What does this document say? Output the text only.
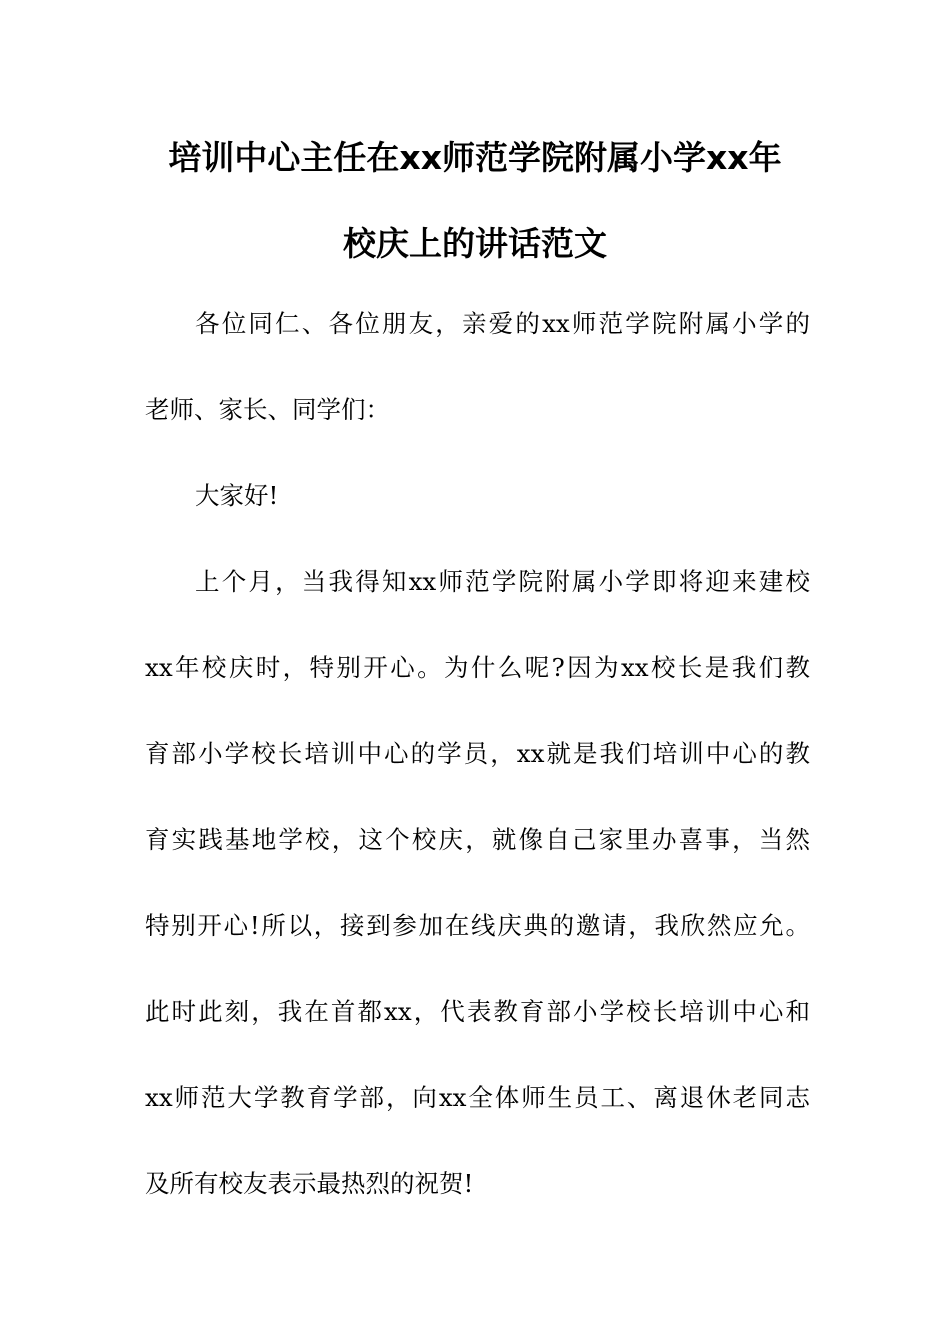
培训中心主任在xx师范学院附属小学xx年
校庆上的讲话范文
各位同仁、各位朋友，亲爱的xx师范学院附属小学的
老师、家长、同学们：
大家好!
上个月，当我得知xx师范学院附属小学即将迎来建校
xx年校庆时，特别开心。为什么呢?因为xx校长是我们教
育部小学校长培训中心的学员，xx就是我们培训中心的教
育实践基地学校，这个校庆，就像自己家里办喜事，当然
特别开心!所以，接到参加在线庆典的邀请，我欣然应允。
此时此刻，我在首都xx，代表教育部小学校长培训中心和
xx师范大学教育学部，向xx全体师生员工、离退休老同志
及所有校友表示最热烈的祝贺!
